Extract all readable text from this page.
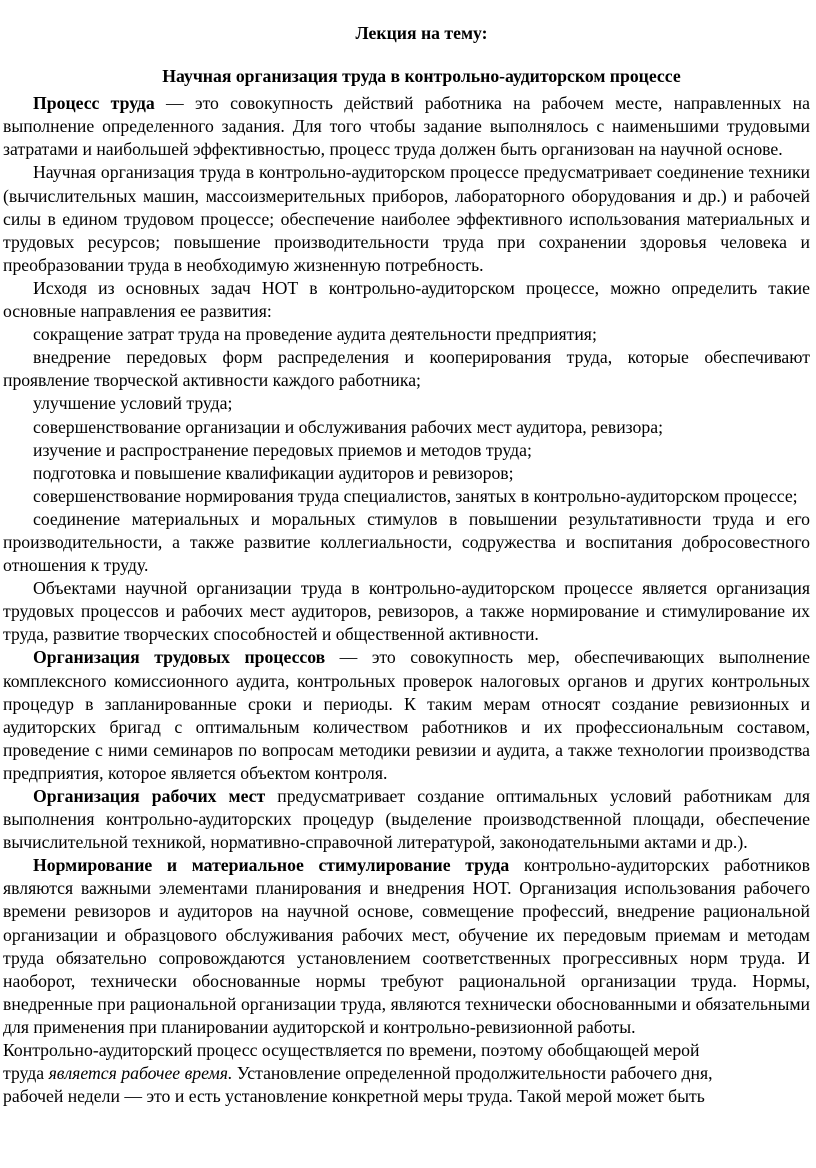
Лекция на тему:

Научная организация труда в контрольно-аудиторском процессе

Процесс труда — это совокупность действий работника на рабочем месте, направленных на выполнение определенного задания. Для того чтобы задание выполнялось с наименьшими трудовыми затратами и наибольшей эффективностью, процесс труда должен быть организован на научной основе.

Научная организация труда в контрольно-аудиторском процессе предусматривает соединение техники (вычислительных машин, массоизмерительных приборов, лабораторного оборудования и др.) и рабочей силы в едином трудовом процессе; обеспечение наиболее эффективного использования материальных и трудовых ресурсов; повышение производительности труда при сохранении здоровья человека и преобразовании труда в необходимую жизненную потребность.

Исходя из основных задач НОТ в контрольно-аудиторском процессе, можно определить такие основные направления ее развития:

сокращение затрат труда на проведение аудита деятельности предприятия;

внедрение передовых форм распределения и кооперирования труда, которые обеспечивают проявление творческой активности каждого работника;

улучшение условий труда;

совершенствование организации и обслуживания рабочих мест аудитора, ревизора;

изучение и распространение передовых приемов и методов труда;

подготовка и повышение квалификации аудиторов и ревизоров;

совершенствование нормирования труда специалистов, занятых в контрольно-аудиторском процессе;

соединение материальных и моральных стимулов в повышении результативности труда и его производительности, а также развитие коллегиальности, содружества и воспитания добросовестного отношения к труду.

Объектами научной организации труда в контрольно-аудиторском процессе является организация трудовых процессов и рабочих мест аудиторов, ревизоров, а также нормирование и стимулирование их труда, развитие творческих способностей и общественной активности.

Организация трудовых процессов — это совокупность мер, обеспечивающих выполнение комплексного комиссионного аудита, контрольных проверок налоговых органов и других контрольных процедур в запланированные сроки и периоды. К таким мерам относят создание ревизионных и аудиторских бригад с оптимальным количеством работников и их профессиональным составом, проведение с ними семинаров по вопросам методики ревизии и аудита, а также технологии производства предприятия, которое является объектом контроля.

Организация рабочих мест предусматривает создание оптимальных условий работникам для выполнения контрольно-аудиторских процедур (выделение производственной площади, обеспечение вычислительной техникой, нормативно-справочной литературой, законодательными актами и др.).

Нормирование и материальное стимулирование труда контрольно-аудиторских работников являются важными элементами планирования и внедрения НОТ. Организация использования рабочего времени ревизоров и аудиторов на научной основе, совмещение профессий, внедрение рациональной организации и образцового обслуживания рабочих мест, обучение их передовым приемам и методам труда обязательно сопровождаются установлением соответственных прогрессивных норм труда. И наоборот, технически обоснованные нормы требуют рациональной организации труда. Нормы, внедренные при рациональной организации труда, являются технически обоснованными и обязательными для применения при планировании аудиторской и контрольно-ревизионной работы.

Контрольно-аудиторский процесс осуществляется по времени, поэтому обобщающей мерой
труда является рабочее время. Установление определенной продолжительности рабочего дня,
рабочей недели — это и есть установление конкретной меры труда. Такой мерой может быть
